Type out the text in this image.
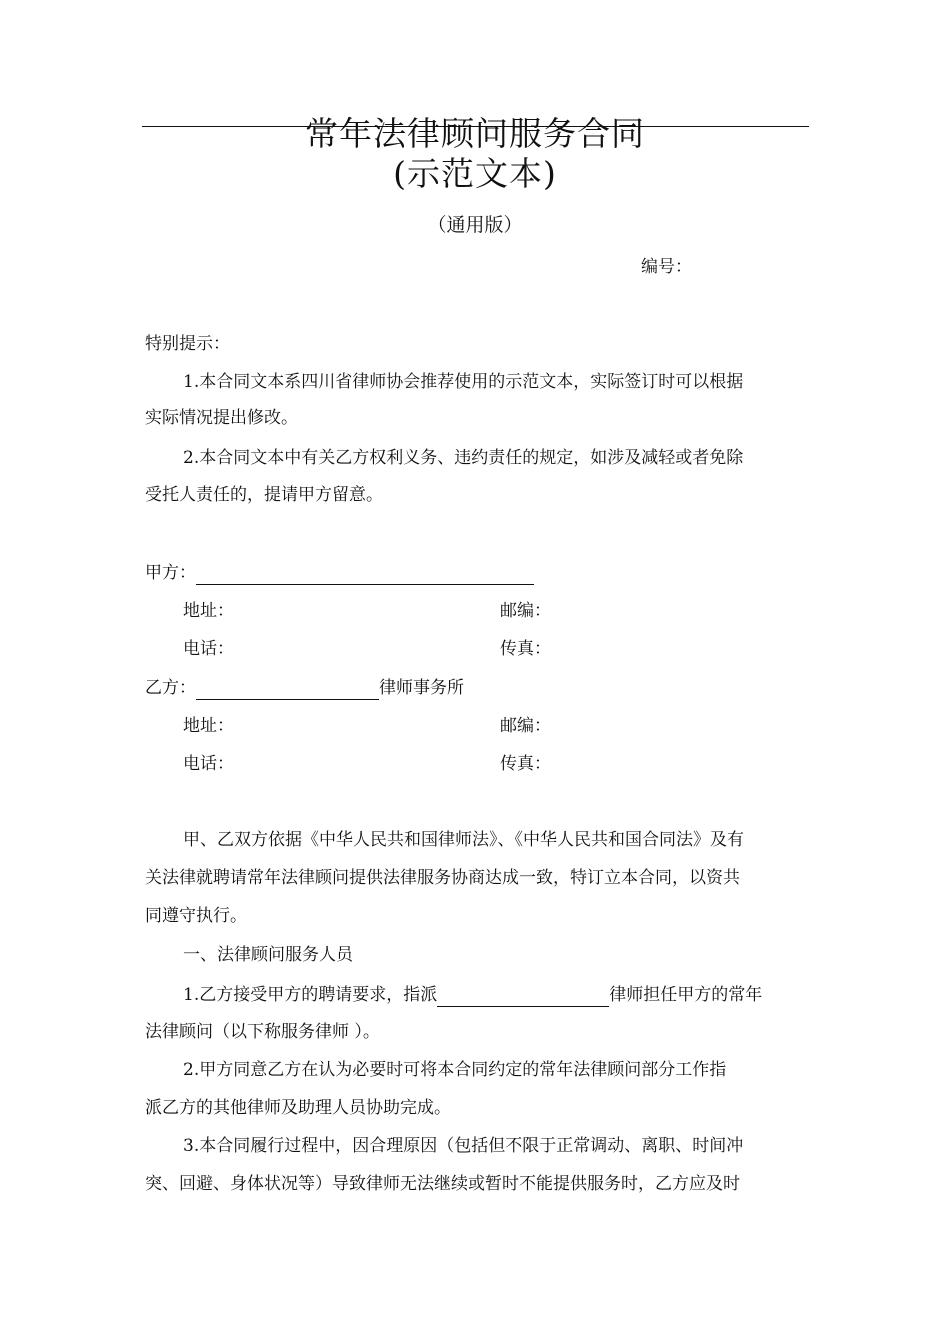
常年法律顾问服务合同
(示范文本)
（通用版）
编号：
特别提示：
1.本合同文本系四川省律师协会推荐使用的示范文本，实际签订时可以根据
实际情况提出修改。
2.本合同文本中有关乙方权利义务、违约责任的规定，如涉及减轻或者免除
受托人责任的，提请甲方留意。
甲方：
地址：	邮编：
电话：	传真：
乙方：	律师事务所
地址：	邮编：
电话：	传真：
甲、乙双方依据《中华人民共和国律师法》、《中华人民共和国合同法》及有
关法律就聘请常年法律顾问提供法律服务协商达成一致，特订立本合同，以资共
同遵守执行。
一、法律顾问服务人员
1.乙方接受甲方的聘请要求，指派	律师担任甲方的常年
法律顾问（以下称服务律师 ）。
2.甲方同意乙方在认为必要时可将本合同约定的常年法律顾问部分工作指
派乙方的其他律师及助理人员协助完成。
3.本合同履行过程中，因合理原因（包括但不限于正常调动、离职、时间冲
突、回避、身体状况等）导致律师无法继续或暂时不能提供服务时，乙方应及时
